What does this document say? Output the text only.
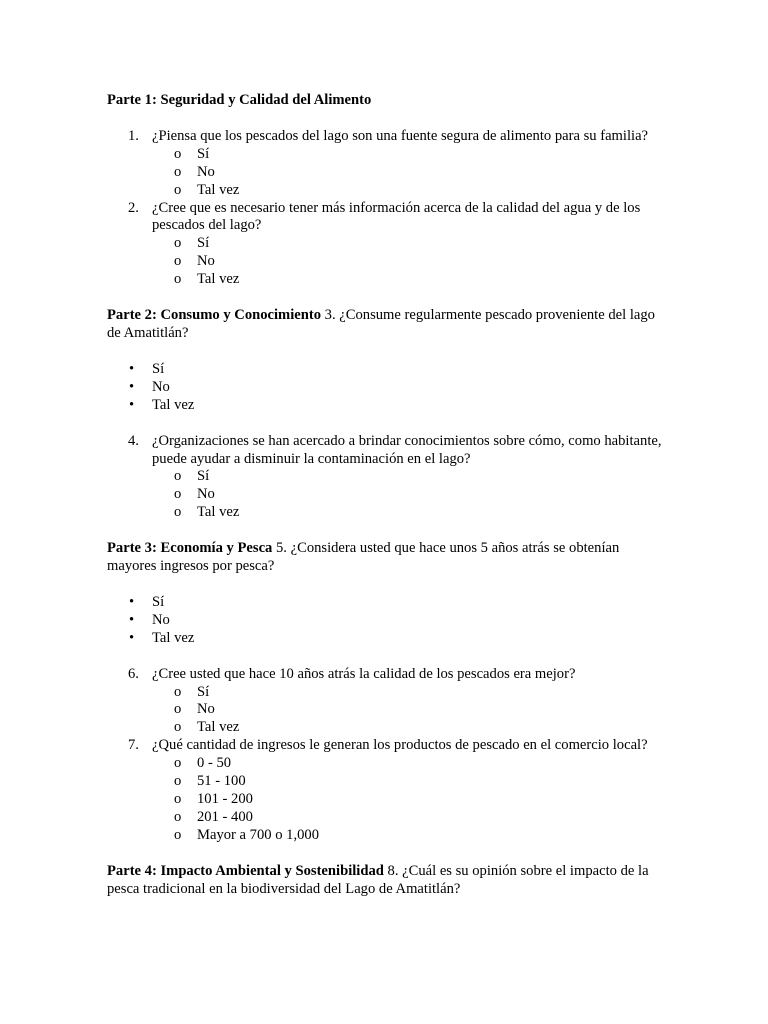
Parte 1: Seguridad y Calidad del Alimento

1. ¿Piensa que los pescados del lago son una fuente segura de alimento para su familia?
o Sí
o No
o Tal vez
2. ¿Cree que es necesario tener más información acerca de la calidad del agua y de los pescados del lago?
o Sí
o No
o Tal vez

Parte 2: Consumo y Conocimiento 3. ¿Consume regularmente pescado proveniente del lago de Amatitlán?

• Sí
• No
• Tal vez
4. ¿Organizaciones se han acercado a brindar conocimientos sobre cómo, como habitante, puede ayudar a disminuir la contaminación en el lago?
o Sí
o No
o Tal vez

Parte 3: Economía y Pesca 5. ¿Considera usted que hace unos 5 años atrás se obtenían mayores ingresos por pesca?

• Sí
• No
• Tal vez
6. ¿Cree usted que hace 10 años atrás la calidad de los pescados era mejor?
o Sí
o No
o Tal vez
7. ¿Qué cantidad de ingresos le generan los productos de pescado en el comercio local?
o 0 - 50
o 51 - 100
o 101 - 200
o 201 - 400
o Mayor a 700 o 1,000

Parte 4: Impacto Ambiental y Sostenibilidad 8. ¿Cuál es su opinión sobre el impacto de la pesca tradicional en la biodiversidad del Lago de Amatitlán?
